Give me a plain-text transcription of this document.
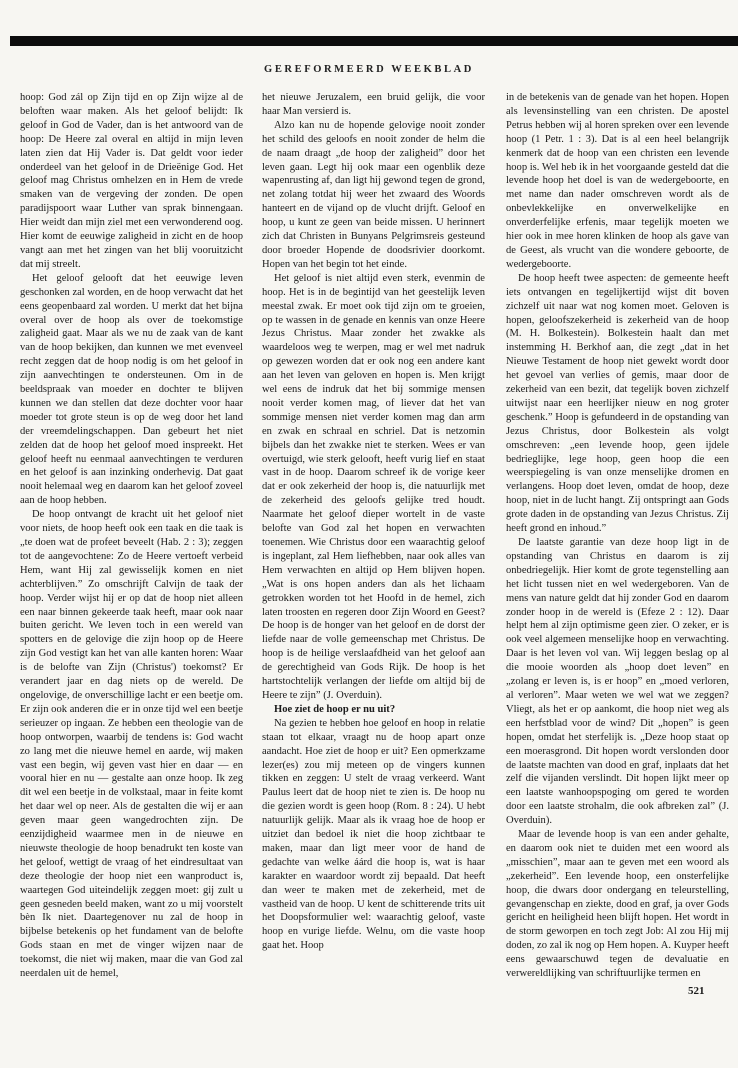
GEREFORMEERD WEEKBLAD

hoop: God zál op Zijn tijd en op Zijn wijze al de beloften waar maken. Als het geloof belijdt: Ik geloof in God de Vader, dan is het antwoord van de hoop: De Heere zal overal en altijd in mijn leven laten zien dat Hij Vader is. Dat geldt voor ieder onderdeel van het geloof in de Drieënige God. Het geloof mag Christus omhelzen en in Hem de vrede smaken van de vergeving der zonden. De open paradijspoort waar Luther van sprak binnengaan. Hier weidt dan mijn ziel met een verwonderend oog. Hier komt de eeuwige zaligheid in zicht en de hoop vangt aan met het zingen van het blij vooruitzicht dat mij streelt.

Het geloof gelooft dat het eeuwige leven geschonken zal worden, en de hoop verwacht dat het eens geopenbaard zal worden. U merkt dat het bijna overal over de hoop als over de toekomstige zaligheid gaat. Maar als we nu de zaak van de kant van de hoop bekijken, dan kunnen we met evenveel recht zeggen dat de hoop nodig is om het geloof in zijn aanvechtingen te ondersteunen. Om in de beeldspraak van moeder en dochter te blijven kunnen we dan stellen dat deze dochter voor haar moeder tot grote steun is op de weg door het land der vreemdelingschappen. Dan gebeurt het niet zelden dat de hoop het geloof moed inspreekt. Het geloof heeft nu eenmaal aanvechtingen te verduren en het geloof is aan inzinking onderhevig. Dat gaat nooit helemaal weg en daarom kan het geloof zoveel aan de hoop hebben.

De hoop ontvangt de kracht uit het geloof niet voor niets, de hoop heeft ook een taak en die taak is „te doen wat de profeet beveelt (Hab. 2 : 3); zeggen tot de aangevochtene: Zo de Heere vertoeft verbeid Hem, want Hij zal gewisselijk komen en niet achterblijven.” Zo omschrijft Calvijn de taak der hoop. Verder wijst hij er op dat de hoop niet alleen een naar binnen gekeerde taak heeft, maar ook naar buiten gericht. We leven toch in een wereld van spotters en de gelovige die zijn hoop op de Heere zijn God vestigt kan het van alle kanten horen: Waar is de belofte van Zijn (Christus') toekomst? Er verandert jaar en dag niets op de wereld. De ongelovige, de onverschillige lacht er een beetje om. Er zijn ook anderen die er in onze tijd wel een beetje serieuzer op ingaan. Ze hebben een theologie van de hoop ontworpen, waarbij de tendens is: God wacht zo lang met die nieuwe hemel en aarde, wij maken vast een begin, wij geven vast hier en daar — en vooral hier en nu — gestalte aan onze hoop. Ik zeg dit wel een beetje in de volkstaal, maar in feite komt het daar wel op neer. Als de gestalten die wij er aan geven maar geen wangedrochten zijn. De eenzijdigheid waarmee men in de nieuwe en nieuwste theologie de hoop benadrukt ten koste van het geloof, wettigt de vraag of het eindresultaat van deze theologie der hoop niet een wanproduct is, waartegen God uiteindelijk zeggen moet: gij zult u geen gesneden beeld maken, want zo u mij voorstelt bèn Ik niet. Daartegenover nu zal de hoop in bijbelse betekenis op het fundament van de belofte Gods staan en met de vinger wijzen naar de toekomst, die niet wij maken, maar die van God zal neerdalen uit de hemel,

het nieuwe Jeruzalem, een bruid gelijk, die voor haar Man versierd is.

Alzo kan nu de hopende gelovige nooit zonder het schild des geloofs en nooit zonder de helm die de naam draagt „de hoop der zaligheid” door het leven gaan. Legt hij ook maar een ogenblik deze wapenrusting af, dan ligt hij gewond tegen de grond, net zolang totdat hij weer het zwaard des Woords hanteert en de vijand op de vlucht drijft. Geloof en hoop, u kunt ze geen van beide missen. U herinnert zich dat Christen in Bunyans Pelgrimsreis gesteund door broeder Hopende de doodsrivier doorkomt. Hopen van het begin tot het einde.

Het geloof is niet altijd even sterk, evenmin de hoop. Het is in de begintijd van het geestelijk leven meestal zwak. Er moet ook tijd zijn om te groeien, op te wassen in de genade en kennis van onze Heere Jezus Christus. Maar zonder het zwakke als waardeloos weg te werpen, mag er wel met nadruk op gewezen worden dat er ook nog een andere kant aan het leven van geloven en hopen is. Men krijgt wel eens de indruk dat het bij sommige mensen nooit verder komen mag, of liever dat het van sommige mensen niet verder komen mag dan arm en zwak en schraal en schriel. Dat is netzomin bijbels dan het zwakke niet te sterken. Wees er van overtuigd, wie sterk gelooft, heeft vurig lief en staat vast in de hoop. Daarom schreef ik de vorige keer dat er ook zekerheid der hoop is, die natuurlijk met de zekerheid des geloofs gelijke tred houdt. Naarmate het geloof dieper wortelt in de vaste belofte van God zal het hopen en verwachten toenemen. Wie Christus door een waarachtig geloof is ingeplant, zal Hem liefhebben, naar ook alles van Hem verwachten en altijd op Hem blijven hopen. „Wat is ons hopen anders dan als het lichaam getrokken worden tot het Hoofd in de hemel, zich laten troosten en regeren door Zijn Woord en Geest? De hoop is de honger van het geloof en de dorst der liefde naar de volle gemeenschap met Christus. De hoop is de heilige verslaafdheid van het geloof aan de gerechtigheid van Gods Rijk. De hoop is het hartstochtelijk verlangen der liefde om altijd bij de Heere te zijn” (J. Overduin).

Hoe ziet de hoop er nu uit?

Na gezien te hebben hoe geloof en hoop in relatie staan tot elkaar, vraagt nu de hoop apart onze aandacht. Hoe ziet de hoop er uit? Een opmerkzame lezer(es) zou mij meteen op de vingers kunnen tikken en zeggen: U stelt de vraag verkeerd. Want Paulus leert dat de hoop niet te zien is. De hoop nu die gezien wordt is geen hoop (Rom. 8 : 24). U hebt natuurlijk gelijk. Maar als ik vraag hoe de hoop er uitziet dan bedoel ik niet die hoop zichtbaar te maken, maar dan ligt meer voor de hand de gedachte van welke áárd die hoop is, wat is haar karakter en waardoor wordt zij bepaald. Dat heeft dan weer te maken met de zekerheid, met de vastheid van de hoop. U kent de schitterende trits uit het Doopsformulier wel: waarachtig geloof, vaste hoop en vurige liefde. Welnu, om die vaste hoop gaat het. Hoop

in de betekenis van de genade van het hopen. Hopen als levensinstelling van een christen. De apostel Petrus hebben wij al horen spreken over een levende hoop (1 Petr. 1 : 3). Dat is al een heel belangrijk kenmerk dat de hoop van een christen een levende hoop is. Wel heb ik in het voorgaande gesteld dat die levende hoop het doel is van de wedergeboorte, en met name dan nader omschreven wordt als de onbevlekkelijke en onverwelkelijke en onverderfelijke erfenis, maar tegelijk moeten we hier ook in mee horen klinken de hoop als gave van de Geest, als vrucht van die wondere geboorte, de wedergeboorte.

De hoop heeft twee aspecten: de gemeente heeft iets ontvangen en tegelijkertijd wijst dit boven zichzelf uit naar wat nog komen moet. Geloven is hopen, geloofszekerheid is zekerheid van de hoop (M. H. Bolkestein). Bolkestein haalt dan met instemming H. Berkhof aan, die zegt „dat in het Nieuwe Testament de hoop niet gewekt wordt door het gevoel van verlies of gemis, maar door de zekerheid van een bezit, dat tegelijk boven zichzelf uitwijst naar een heerlijker nieuw en nog groter geschenk.” Hoop is gefundeerd in de opstanding van Jezus Christus, door Bolkestein als volgt omschreven: „een levende hoop, geen ijdele bedrieglijke, lege hoop, geen hoop die een weerspiegeling is van onze menselijke dromen en verlangens. Hoop doet leven, omdat de hoop, deze hoop, niet in de lucht hangt. Zij ontspringt aan Gods grote daden in de opstanding van Jezus Christus. Zij heeft grond en inhoud.”

De laatste garantie van deze hoop ligt in de opstanding van Christus en daarom is zij onbedriegelijk. Hier komt de grote tegenstelling aan het licht tussen niet en wel wedergeboren. Van de mens van nature geldt dat hij zonder God en daarom zonder hoop in de wereld is (Efeze 2 : 12). Daar helpt hem al zijn optimisme geen zier. O zeker, er is ook veel algemeen menselijke hoop en verwachting. Daar is het leven vol van. Wij leggen beslag op al die mooie woorden als „hoop doet leven” en „zolang er leven is, is er hoop” en „moed verloren, al verloren”. Maar weten we wel wat we zeggen? Vliegt, als het er op aankomt, die hoop niet weg als een herfstblad voor de wind? Dit „hopen” is geen hopen, omdat het sterfelijk is. „Deze hoop staat op een moerasgrond. Dit hopen wordt verslonden door de laatste machten van dood en graf, inplaats dat het zelf die vijanden verslindt. Dit hopen lijkt meer op een laatste wanhoopspoging om gered te worden door een laatste strohalm, die ook afbreken zal” (J. Overduin).

Maar de levende hoop is van een ander gehalte, en daarom ook niet te duiden met een woord als „misschien”, maar aan te geven met een woord als „zekerheid”. Een levende hoop, een onsterfelijke hoop, die dwars door ondergang en teleurstelling, gevangenschap en ziekte, dood en graf, ja over Gods gericht en heiligheid heen blijft hopen. Het wordt in de storm geworpen en toch zegt Job: Al zou Hij mij doden, zo zal ik nog op Hem hopen. A. Kuyper heeft eens gewaarschuwd tegen de devaluatie en verwereldlijking van schriftuurlijke termen en

521
